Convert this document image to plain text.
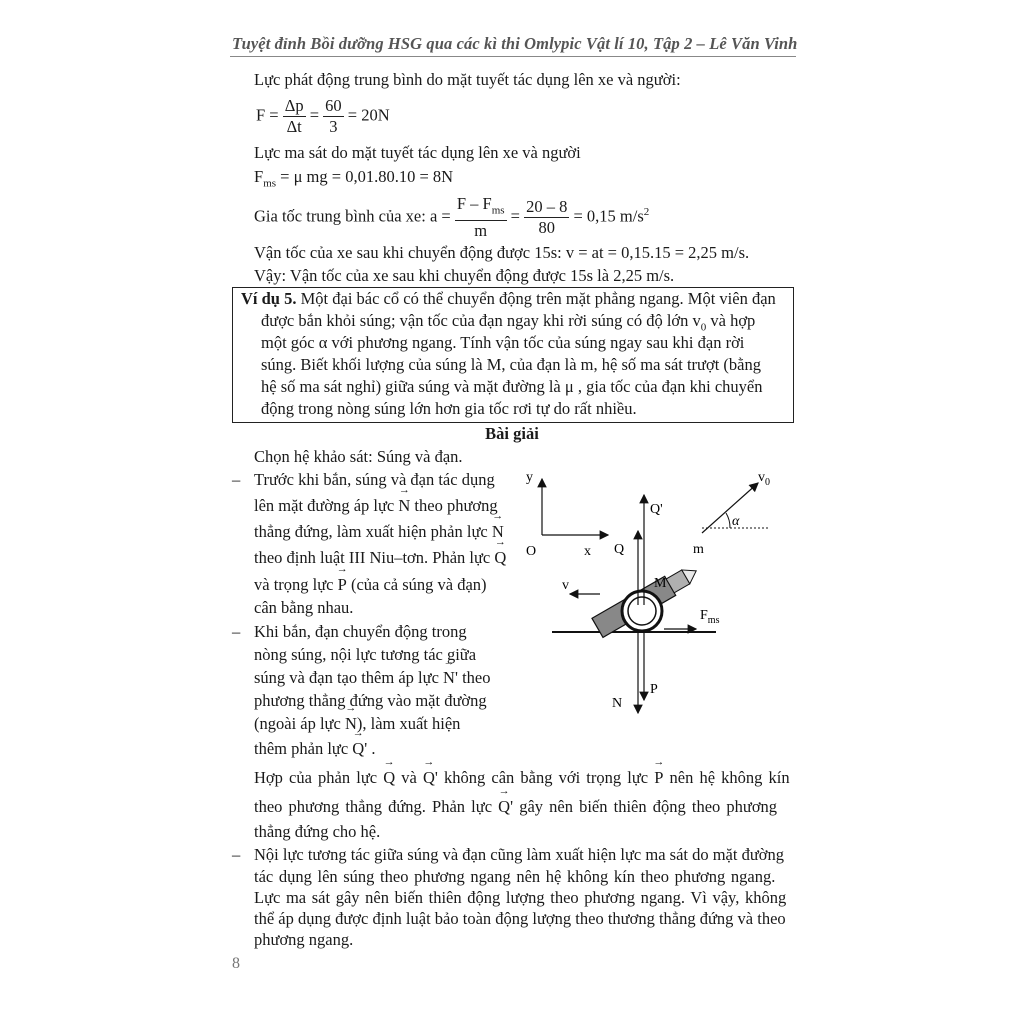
Tuyệt đỉnh Bồi dưỡng HSG qua các kì thi Omlypic Vật lí 10, Tập 2 – Lê Văn Vinh
Lực phát động trung bình do mặt tuyết tác dụng lên xe và người:
$F = \frac{\Delta p}{\Delta t} = \frac{60}{3} = 20N$
Lực ma sát do mặt tuyết tác dụng lên xe và người
$F_{ms} = \mu$ mg = 0,01.80.10 = 8N
Gia tốc trung bình của xe: $a = \frac{F - F_{ms}}{m} = \frac{20 - 8}{80} = 0,15$ $m/s^2$
Vận tốc của xe sau khi chuyển động được 15s: v = at = 0,15.15 = 2,25 m/s.
Vậy: Vận tốc của xe sau khi chuyển động được 15s là 2,25 m/s.
Ví dụ 5. Một đại bác cổ có thể chuyển động trên mặt phẳng ngang. Một viên đạn
được bắn khỏi súng; vận tốc của đạn ngay khi rời súng có độ lớn $v_0$ và hợp
một góc α với phương ngang. Tính vận tốc của súng ngay sau khi đạn rời
súng. Biết khối lượng của súng là M, của đạn là m, hệ số ma sát trượt (bằng
hệ số ma sát nghỉ) giữa súng và mặt đường là μ , gia tốc của đạn khi chuyển
động trong nòng súng lớn hơn gia tốc rơi tự do rất nhiều.
Bài giải
Chọn hệ khảo sát: Súng và đạn.
– Trước khi bắn, súng và đạn tác dụng
lên mặt đường áp lực → N theo phương
thẳng đứng, làm xuất hiện phản lực → N
theo định luật III Niu–tơn. Phản lực → Q
và trọng lực → P (của cả súng và đạn)
cân bằng nhau.
– Khi bắn, đạn chuyển động trong
nòng súng, nội lực tương tác giữa
súng và đạn tạo thêm áp lực → N' theo
phương thẳng đứng vào mặt đường
(ngoài áp lực → N), làm xuất hiện
thêm phản lực → Q' .
Hợp của phản lực → Q và → Q' không cân bằng với trọng lực → P nên hệ không kín
theo phương thẳng đứng. Phản lực → Q' gây nên biến thiên động theo phương
thẳng đứng cho hệ.
– Nội lực tương tác giữa súng và đạn cũng làm xuất hiện lực ma sát do mặt đường
tác dụng lên súng theo phương ngang nên hệ không kín theo phương ngang.
Lực ma sát gây nên biến thiên động lượng theo phương ngang. Vì vậy, không
thể áp dụng được định luật bảo toàn động lượng theo thương thẳng đứng và theo
phương ngang.
8
y
x
O
$v_0$
α
m
M
Q'
Q
v
$F_{ms}$
P
N
